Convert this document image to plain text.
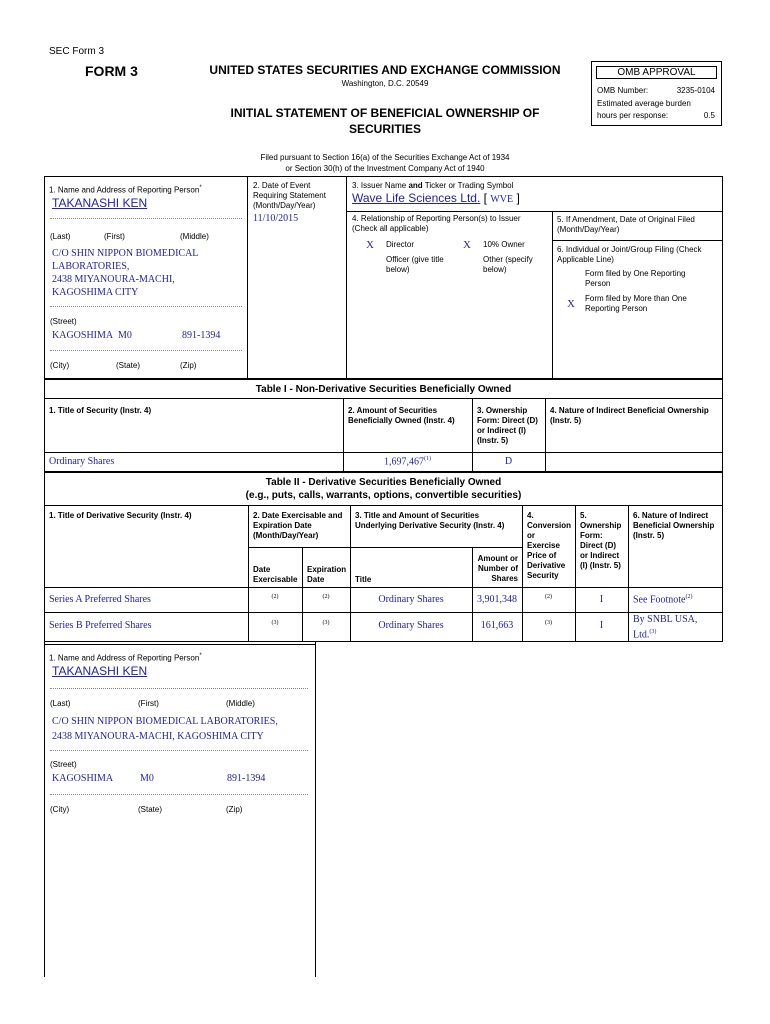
SEC Form 3
FORM 3	UNITED STATES SECURITIES AND EXCHANGE COMMISSION
Washington, D.C. 20549
INITIAL STATEMENT OF BENEFICIAL OWNERSHIP OF
SECURITIES
Filed pursuant to Section 16(a) of the Securities Exchange Act of 1934
or Section 30(h) of the Investment Company Act of 1940
OMB APPROVAL
OMB Number:	3235-0104
Estimated average burden
hours per response:	0.5
1. Name and Address of Reporting Person*
TAKANASHI KEN
(Last)	(First)	(Middle)
C/O SHIN NIPPON BIOMEDICAL
LABORATORIES,
2438 MIYANOURA-MACHI,
KAGOSHIMA CITY
(Street)
KAGOSHIMA M0	891-1394
(City)	(State)	(Zip)
2. Date of Event
Requiring Statement
(Month/Day/Year)
11/10/2015
3. Issuer Name and Ticker or Trading Symbol
Wave Life Sciences Ltd. [ WVE ]
4. Relationship of Reporting Person(s) to Issuer
(Check all applicable)
X Director	X 10% Owner
Officer (give title
below)
Other (specify
below)
5. If Amendment, Date of Original Filed
(Month/Day/Year)
6. Individual or Joint/Group Filing (Check
Applicable Line)
Form filed by One Reporting
Person
X Form filed by More than One
Reporting Person
Table I - Non-Derivative Securities Beneficially Owned
1. Title of Security (Instr. 4)	2. Amount of Securities
Beneficially Owned (Instr. 4)
3. Ownership
Form: Direct (D)
or Indirect (I)
(Instr. 5)
4. Nature of Indirect Beneficial Ownership
(Instr. 5)
Ordinary Shares	1,697,467$^{(1)}$	D
Table II - Derivative Securities Beneficially Owned
(e.g., puts, calls, warrants, options, convertible securities)
1. Title of Derivative Security (Instr. 4)	2. Date Exercisable and
Expiration Date
(Month/Day/Year)
3. Title and Amount of Securities
Underlying Derivative Security (Instr. 4)
4.
Conversion
or
Exercise
Price of
Derivative
Security
5.
Ownership
Form:
Direct (D)
or Indirect
(I) (Instr. 5)
6. Nature of Indirect
Beneficial Ownership
(Instr. 5)
Date
Exercisable
Expiration
Date	Title
Amount or
Number of
Shares
Series A Preferred Shares	(2)	(2)	Ordinary Shares	3,901,348	(2)	I	See Footnote$^{(2)}$
Series B Preferred Shares	(3)	(3)	Ordinary Shares	161,663	(3)	I
By SNBL USA,
Ltd.$^{(3)}$
1. Name and Address of Reporting Person*
TAKANASHI KEN
(Last)	(First)	(Middle)
C/O SHIN NIPPON BIOMEDICAL LABORATORIES,
2438 MIYANOURA-MACHI, KAGOSHIMA CITY
(Street)
KAGOSHIMA	M0	891-1394
(City)	(State)	(Zip)
